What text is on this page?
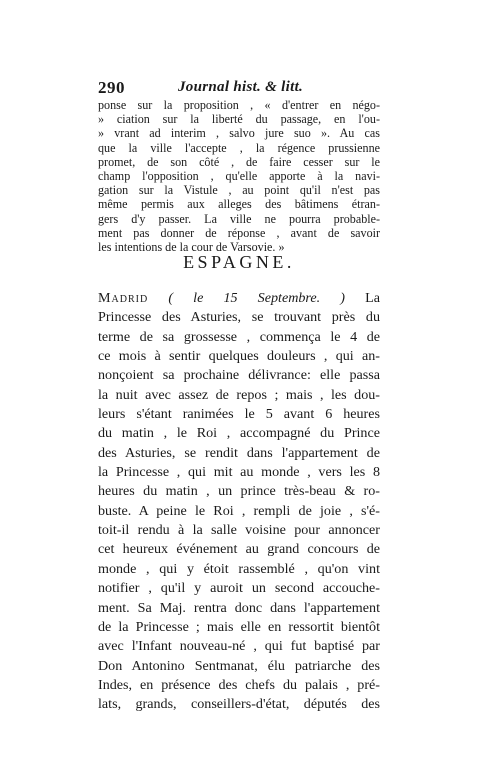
290	Journal hist. & litt.
ponse sur la proposition , « d'entrer en négo-
» ciation sur la liberté du passage, en l'ou-
» vrant ad interim , salvo jure suo ». Au cas
que la ville l'accepte , la régence prussienne
promet, de son côté , de faire cesser sur le
champ l'opposition , qu'elle apporte à la navi-
gation sur la Vistule , au point qu'il n'est pas
même permis aux alleges des bâtimens étran-
gers d'y passer. La ville ne pourra probable-
ment pas donner de réponse , avant de savoir
les intentions de la cour de Varsovie. »
ESPAGNE.
Madrid ( le 15 Septembre. ) La
Princesse des Asturies, se trouvant près du
terme de sa grossesse , commença le 4 de
ce mois à sentir quelques douleurs , qui an-
nonçoient sa prochaine délivrance: elle passa
la nuit avec assez de repos ; mais , les dou-
leurs s'étant ranimées le 5 avant 6 heures
du matin , le Roi , accompagné du Prince
des Asturies, se rendit dans l'appartement de
la Princesse , qui mit au monde , vers les 8
heures du matin , un prince très-beau & ro-
buste. A peine le Roi , rempli de joie , s'é-
toit-il rendu à la salle voisine pour annoncer
cet heureux événement au grand concours de
monde , qui y étoit rassemblé , qu'on vint
notifier , qu'il y auroit un second accouche-
ment. Sa Maj. rentra donc dans l'appartement
de la Princesse ; mais elle en ressortit bientôt
avec l'Infant nouveau-né , qui fut baptisé par
Don Antonino Sentmanat, élu patriarche des
Indes, en présence des chefs du palais , pré-
lats, grands, conseillers-d'état, députés des
